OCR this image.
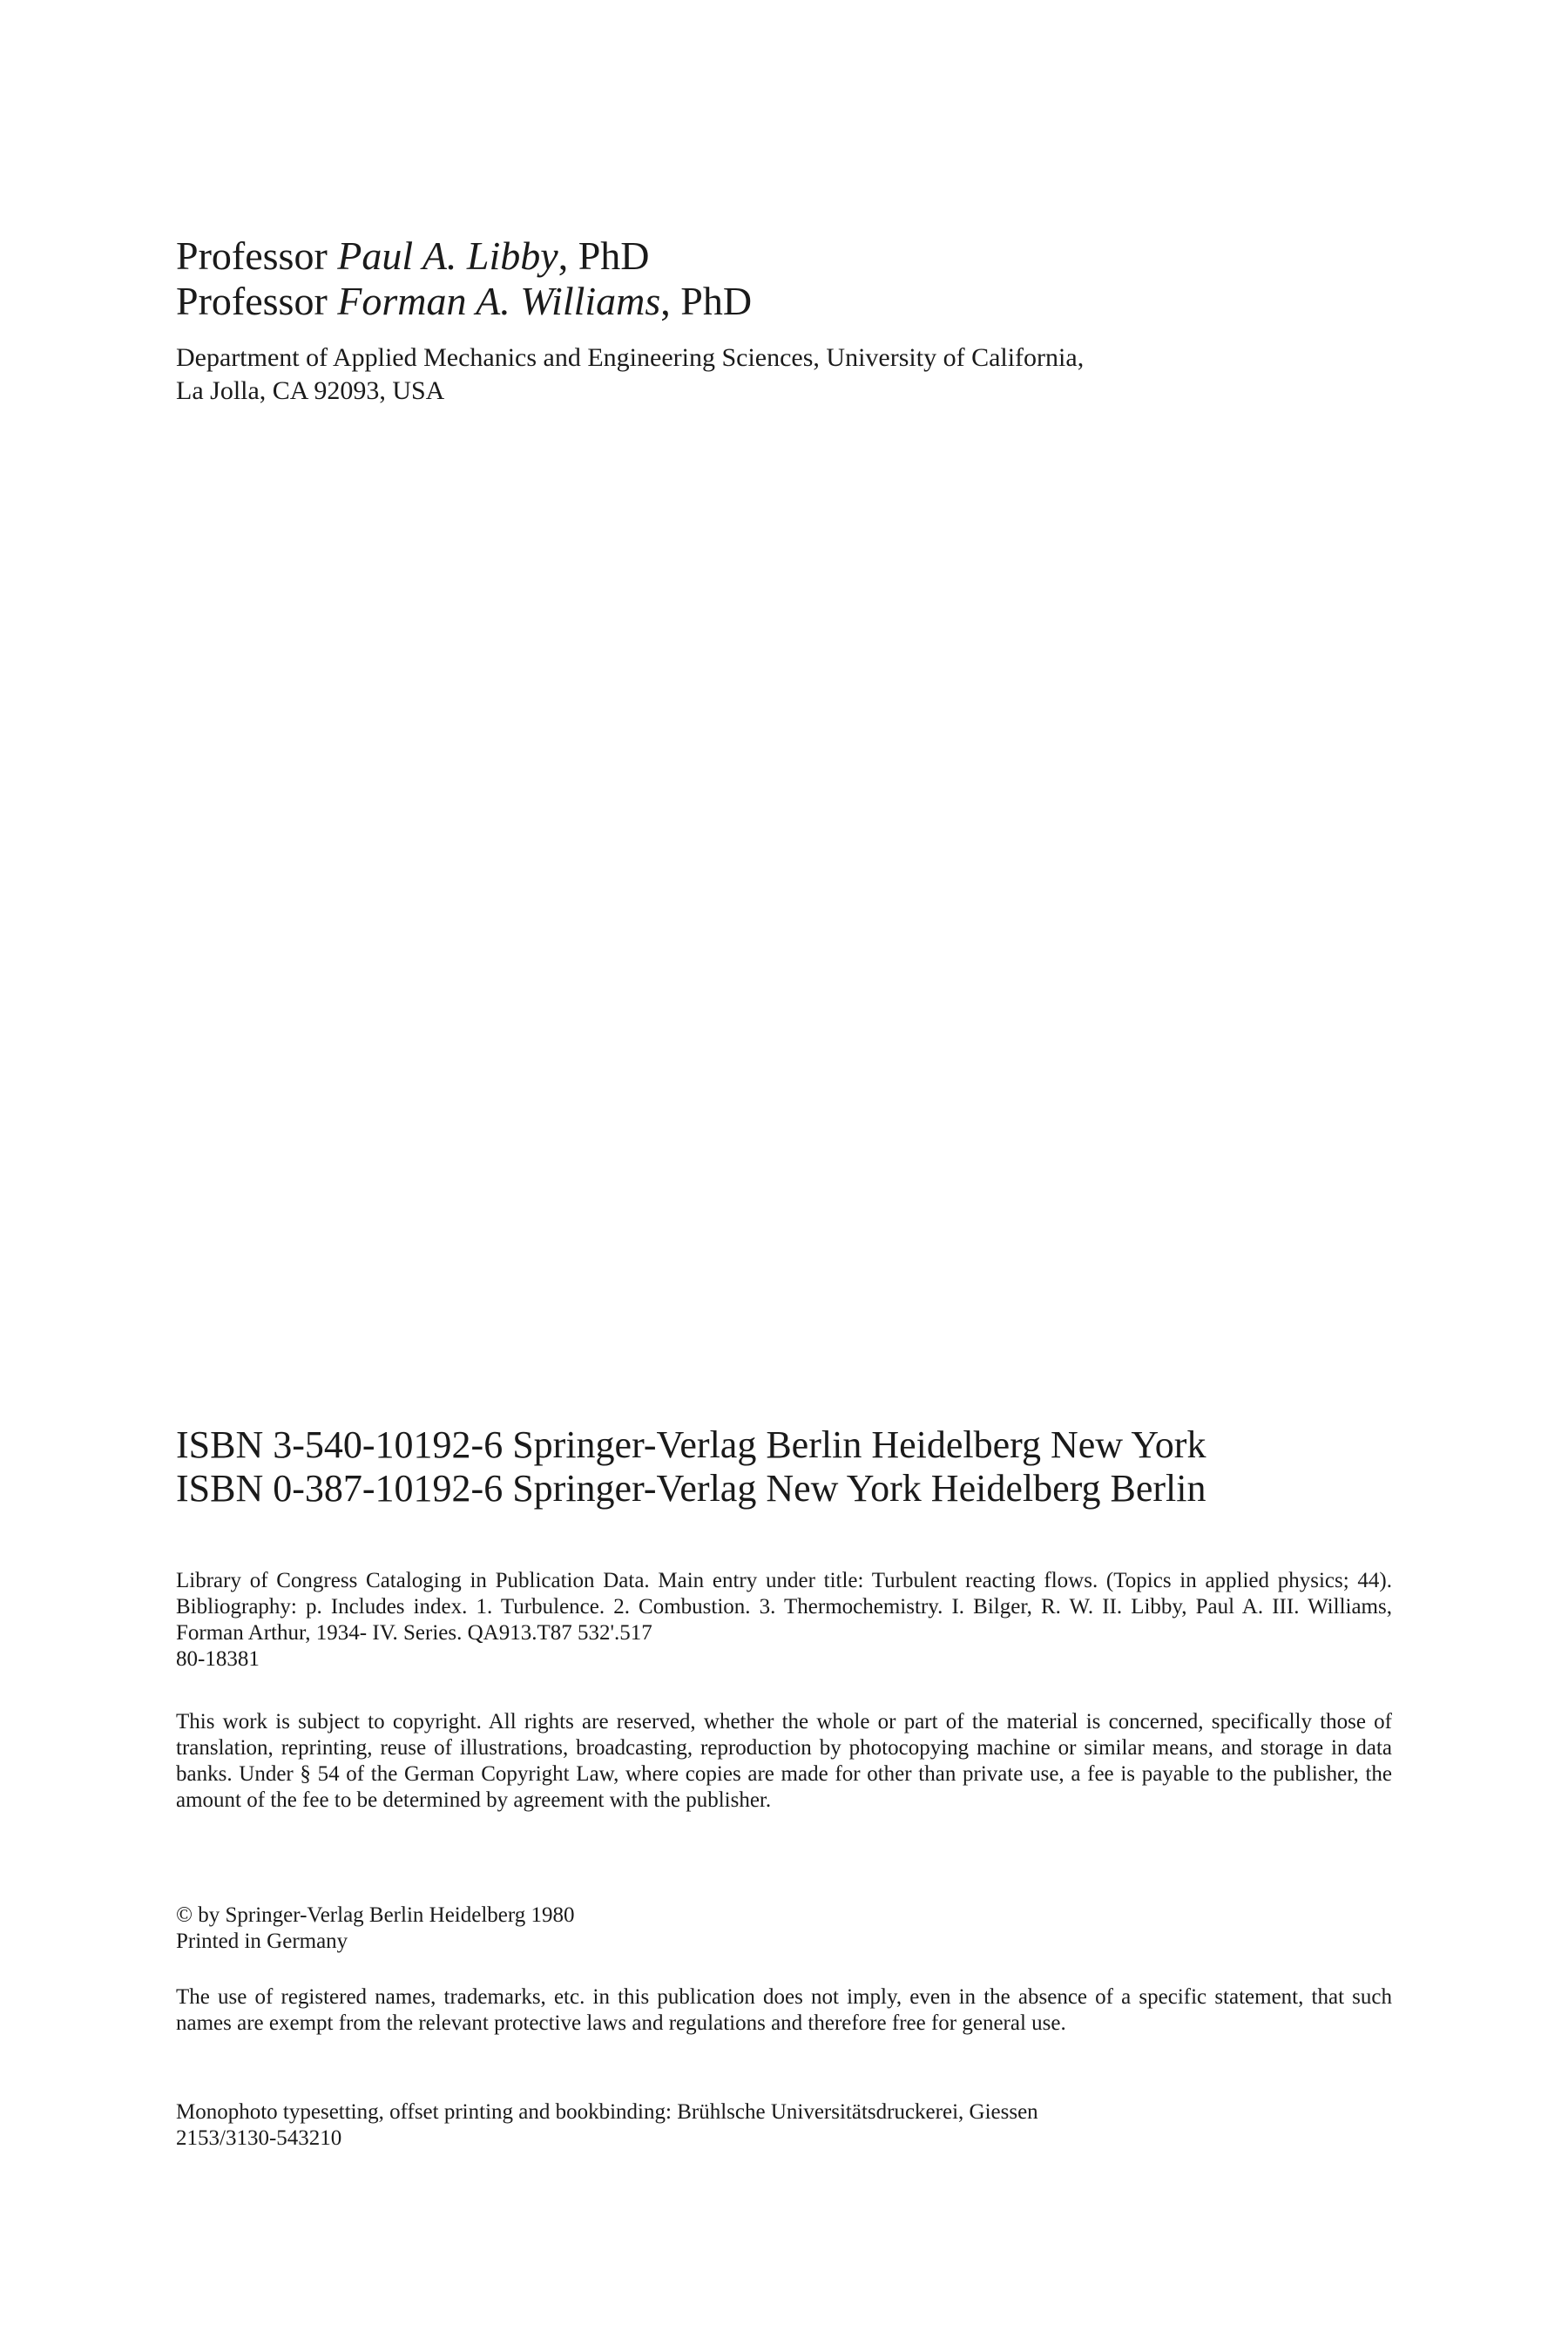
Professor Paul A. Libby, PhD

Professor Forman A. Williams, PhD

Department of Applied Mechanics and Engineering Sciences, University of California,
La Jolla, CA 92093, USA

ISBN 3-540-10192-6 Springer-Verlag Berlin Heidelberg New York

ISBN 0-387-10192-6 Springer-Verlag New York Heidelberg Berlin

Library of Congress Cataloging in Publication Data. Main entry under title: Turbulent reacting flows. (Topics in applied physics; 44). Bibliography: p. Includes index. 1. Turbulence. 2. Combustion. 3. Thermochemistry. I. Bilger, R. W. II. Libby, Paul A. III. Williams, Forman Arthur, 1934- IV. Series. QA913.T87 532'.517
80-18381
This work is subject to copyright. All rights are reserved, whether the whole or part of the material is concerned, specifically those of translation, reprinting, reuse of illustrations, broadcasting, reproduction by photocopying machine or similar means, and storage in data banks. Under § 54 of the German Copyright Law, where copies are made for other than private use, a fee is payable to the publisher, the amount of the fee to be determined by agreement with the publisher.
© by Springer-Verlag Berlin Heidelberg 1980
Printed in Germany
The use of registered names, trademarks, etc. in this publication does not imply, even in the absence of a specific statement, that such names are exempt from the relevant protective laws and regulations and therefore free for general use.
Monophoto typesetting, offset printing and bookbinding: Brühlsche Universitätsdruckerei, Giessen
2153/3130-543210
